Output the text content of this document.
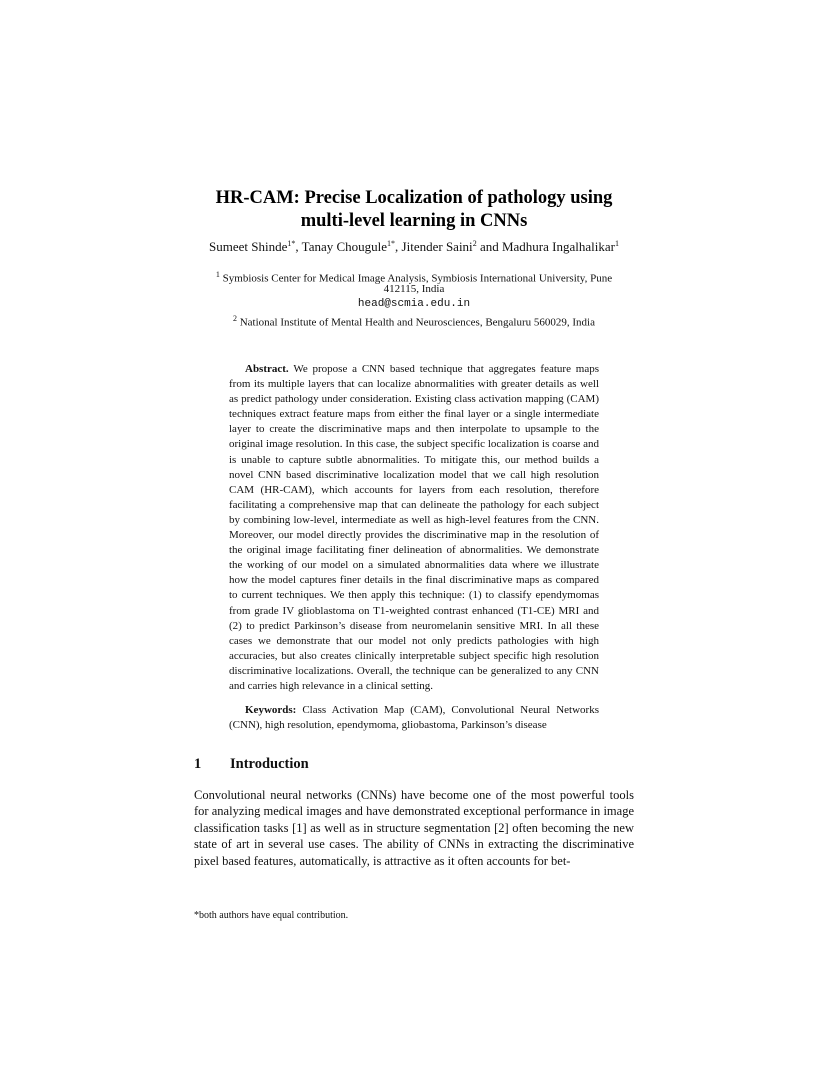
HR-CAM: Precise Localization of pathology using
multi-level learning in CNNs
Sumeet Shinde$^{1*}$, Tanay Chougule$^{1*}$, Jitender Saini$^2$ and Madhura Ingalhalikar$^1$
$^1$ Symbiosis Center for Medical Image Analysis, Symbiosis International University, Pune
412115, India
head@scmia.edu.in
$^2$ National Institute of Mental Health and Neurosciences, Bengaluru 560029, India

Abstract. We propose a CNN based technique that aggregates feature maps from its multiple layers that can localize abnormalities with greater details as well as predict pathology under consideration. Existing class activation mapping (CAM) techniques extract feature maps from either the final layer or a single intermediate layer to create the discriminative maps and then interpolate to upsample to the original image resolution. In this case, the subject specific localization is coarse and is unable to capture subtle abnormalities. To mitigate this, our method builds a novel CNN based discriminative localization model that we call high resolution CAM (HR-CAM), which accounts for layers from each resolution, therefore facilitating a comprehensive map that can delineate the pathology for each subject by combining low-level, intermediate as well as high-level features from the CNN. Moreover, our model directly provides the discriminative map in the resolution of the original image facilitating finer delineation of abnormalities. We demonstrate the working of our model on a simulated abnormalities data where we illustrate how the model captures finer details in the final discriminative maps as compared to current techniques. We then apply this technique: (1) to classify ependymomas from grade IV glioblastoma on T1-weighted contrast enhanced (T1-CE) MRI and (2) to predict Parkinson’s disease from neuromelanin sensitive MRI. In all these cases we demonstrate that our model not only predicts pathologies with high accuracies, but also creates clinically interpretable subject specific high resolution discriminative localizations. Overall, the technique can be generalized to any CNN and carries high relevance in a clinical setting.

Keywords: Class Activation Map (CAM), Convolutional Neural Networks (CNN), high resolution, ependymoma, gliobastoma, Parkinson’s disease

1 Introduction
Convolutional neural networks (CNNs) have become one of the most powerful tools for analyzing medical images and have demonstrated exceptional performance in image classification tasks [1] as well as in structure segmentation [2] often becoming the new state of art in several use cases. The ability of CNNs in extracting the discriminative pixel based features, automatically, is attractive as it often accounts for bet-
*both authors have equal contribution.
